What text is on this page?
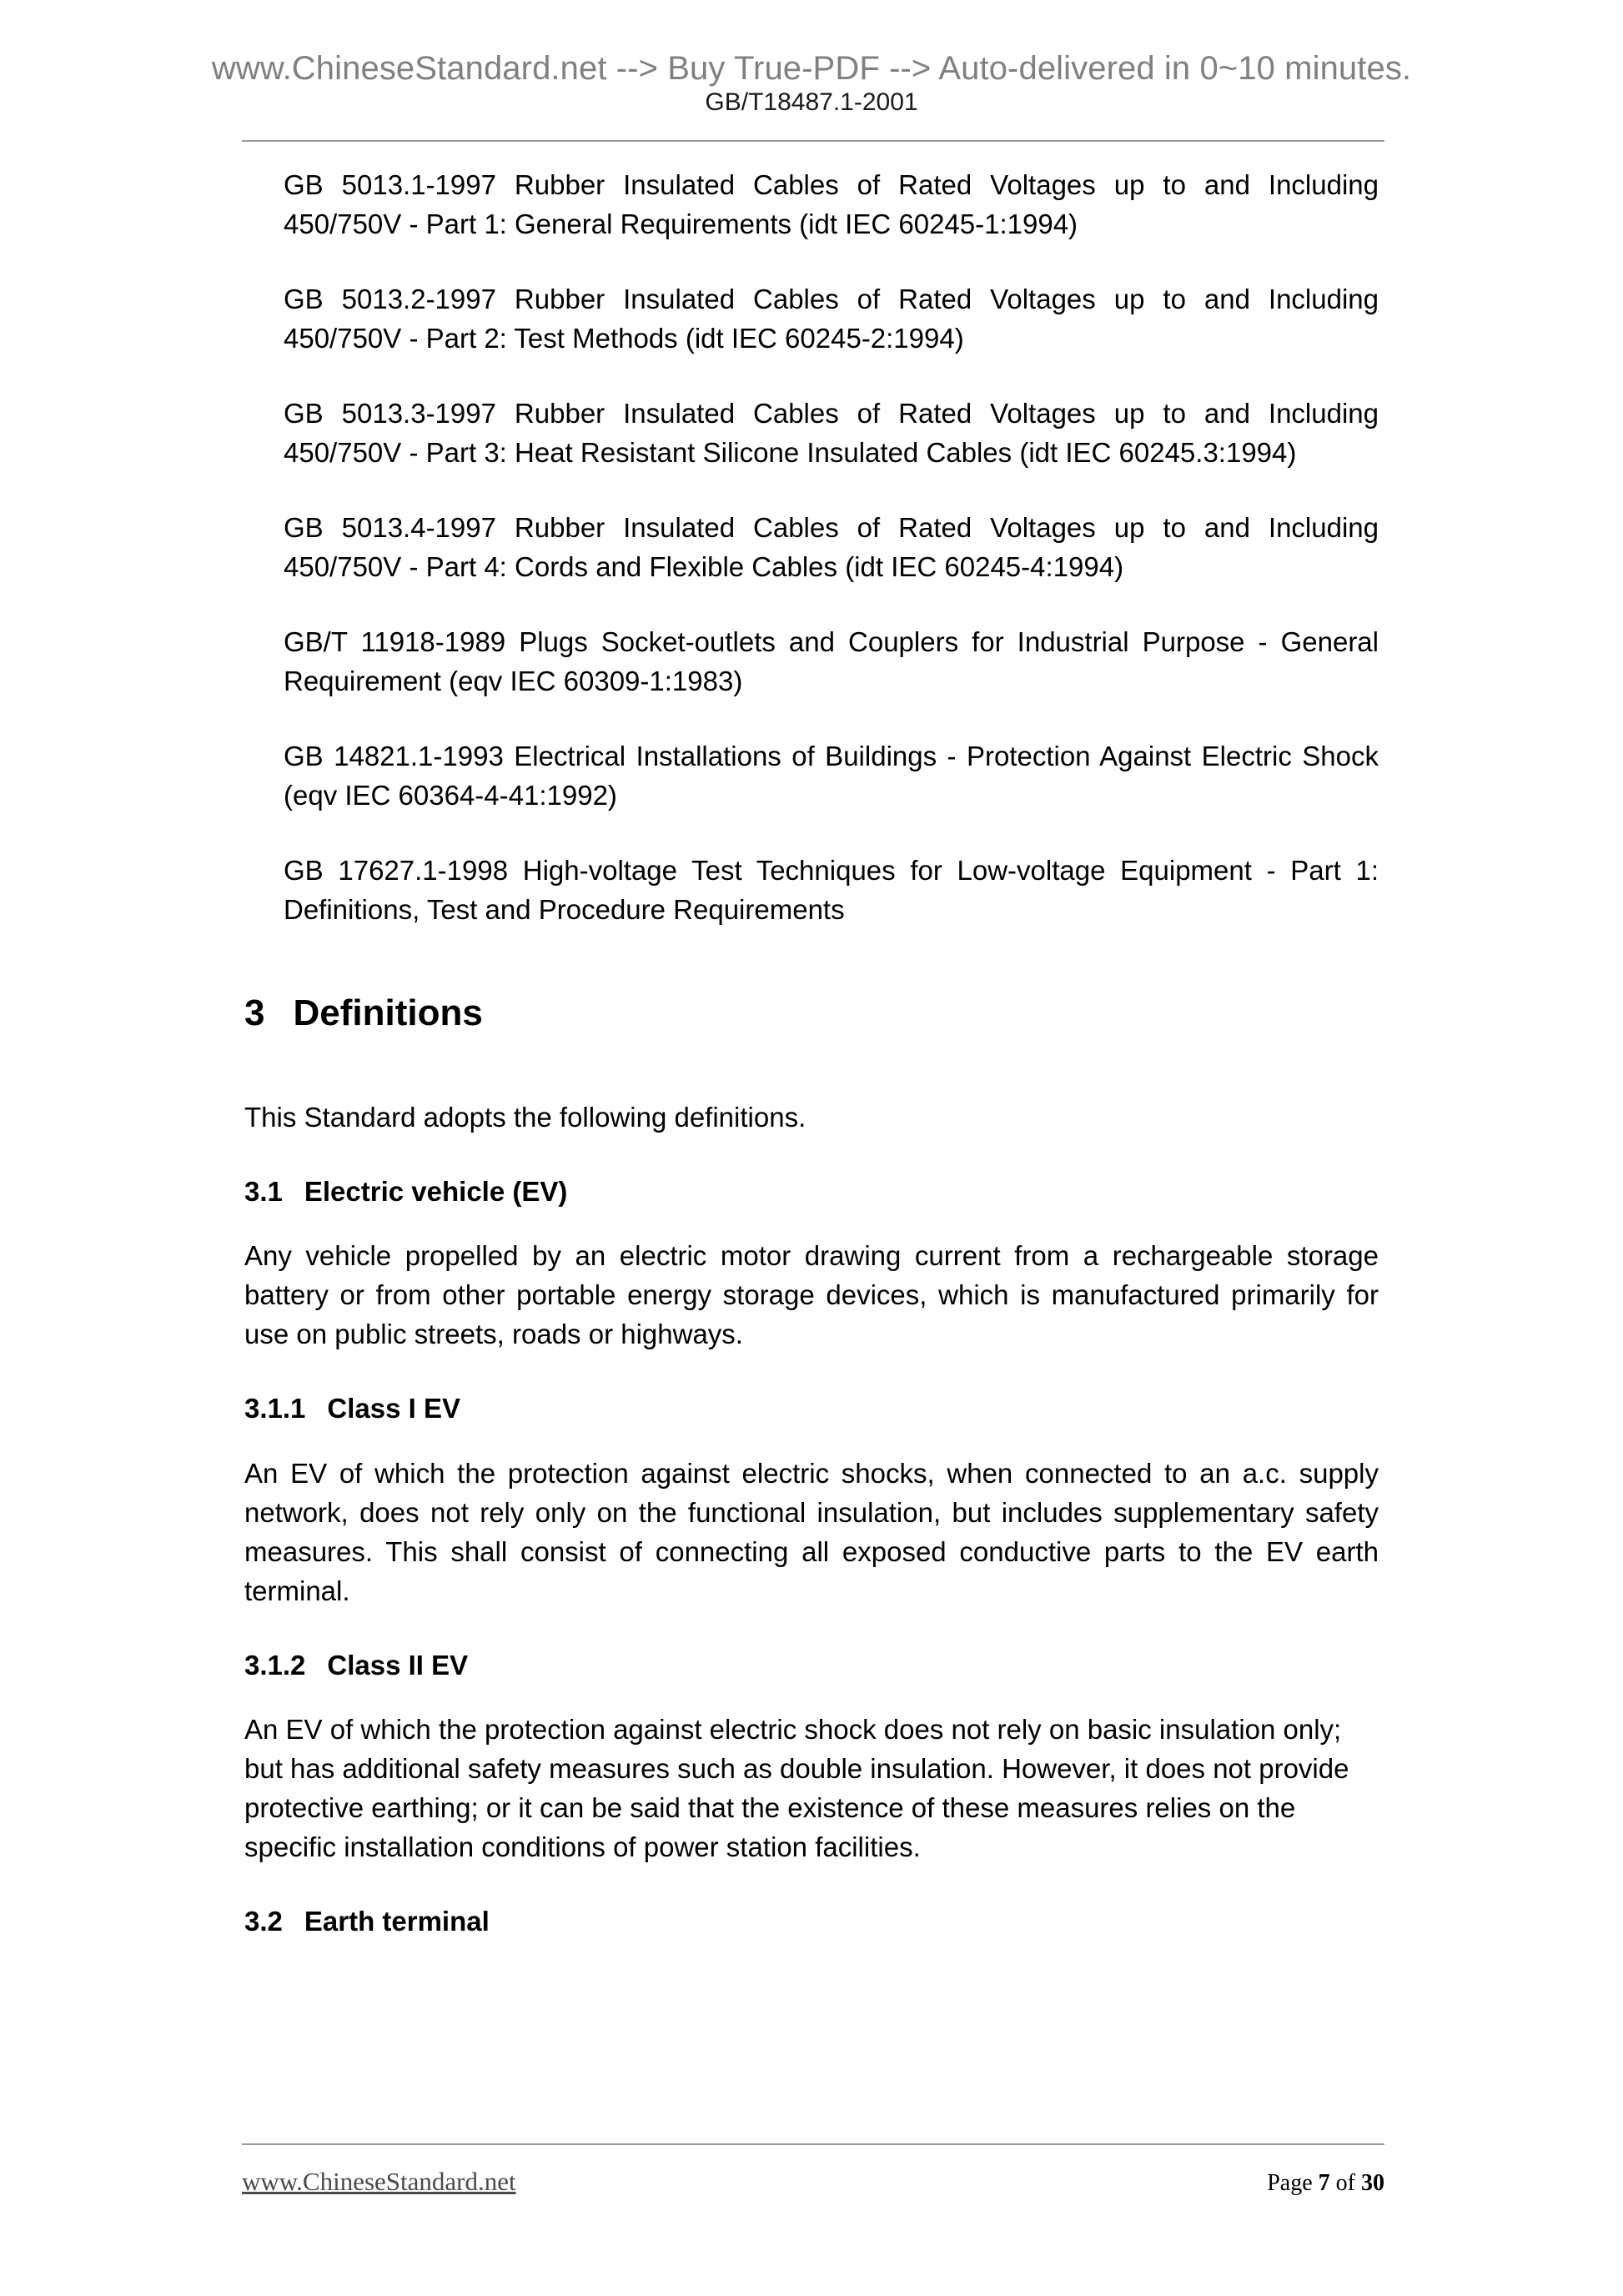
www.ChineseStandard.net --> Buy True-PDF --> Auto-delivered in 0~10 minutes.
GB/T18487.1-2001

GB 5013.1-1997 Rubber Insulated Cables of Rated Voltages up to and Including 450/750V - Part 1: General Requirements (idt IEC 60245-1:1994)

GB 5013.2-1997 Rubber Insulated Cables of Rated Voltages up to and Including 450/750V - Part 2: Test Methods (idt IEC 60245-2:1994)

GB 5013.3-1997 Rubber Insulated Cables of Rated Voltages up to and Including 450/750V - Part 3: Heat Resistant Silicone Insulated Cables (idt IEC 60245.3:1994)

GB 5013.4-1997 Rubber Insulated Cables of Rated Voltages up to and Including 450/750V - Part 4: Cords and Flexible Cables (idt IEC 60245-4:1994)

GB/T 11918-1989 Plugs Socket-outlets and Couplers for Industrial Purpose - General Requirement (eqv IEC 60309-1:1983)

GB 14821.1-1993 Electrical Installations of Buildings - Protection Against Electric Shock (eqv IEC 60364-4-41:1992)

GB 17627.1-1998 High-voltage Test Techniques for Low-voltage Equipment - Part 1: Definitions, Test and Procedure Requirements

3 Definitions

This Standard adopts the following definitions.

3.1 Electric vehicle (EV)

Any vehicle propelled by an electric motor drawing current from a rechargeable storage battery or from other portable energy storage devices, which is manufactured primarily for use on public streets, roads or highways.

3.1.1 Class I EV

An EV of which the protection against electric shocks, when connected to an a.c. supply network, does not rely only on the functional insulation, but includes supplementary safety measures. This shall consist of connecting all exposed conductive parts to the EV earth terminal.

3.1.2 Class II EV

An EV of which the protection against electric shock does not rely on basic insulation only; but has additional safety measures such as double insulation. However, it does not provide protective earthing; or it can be said that the existence of these measures relies on the specific installation conditions of power station facilities.

3.2 Earth terminal
www.ChineseStandard.net	Page 7 of 30
